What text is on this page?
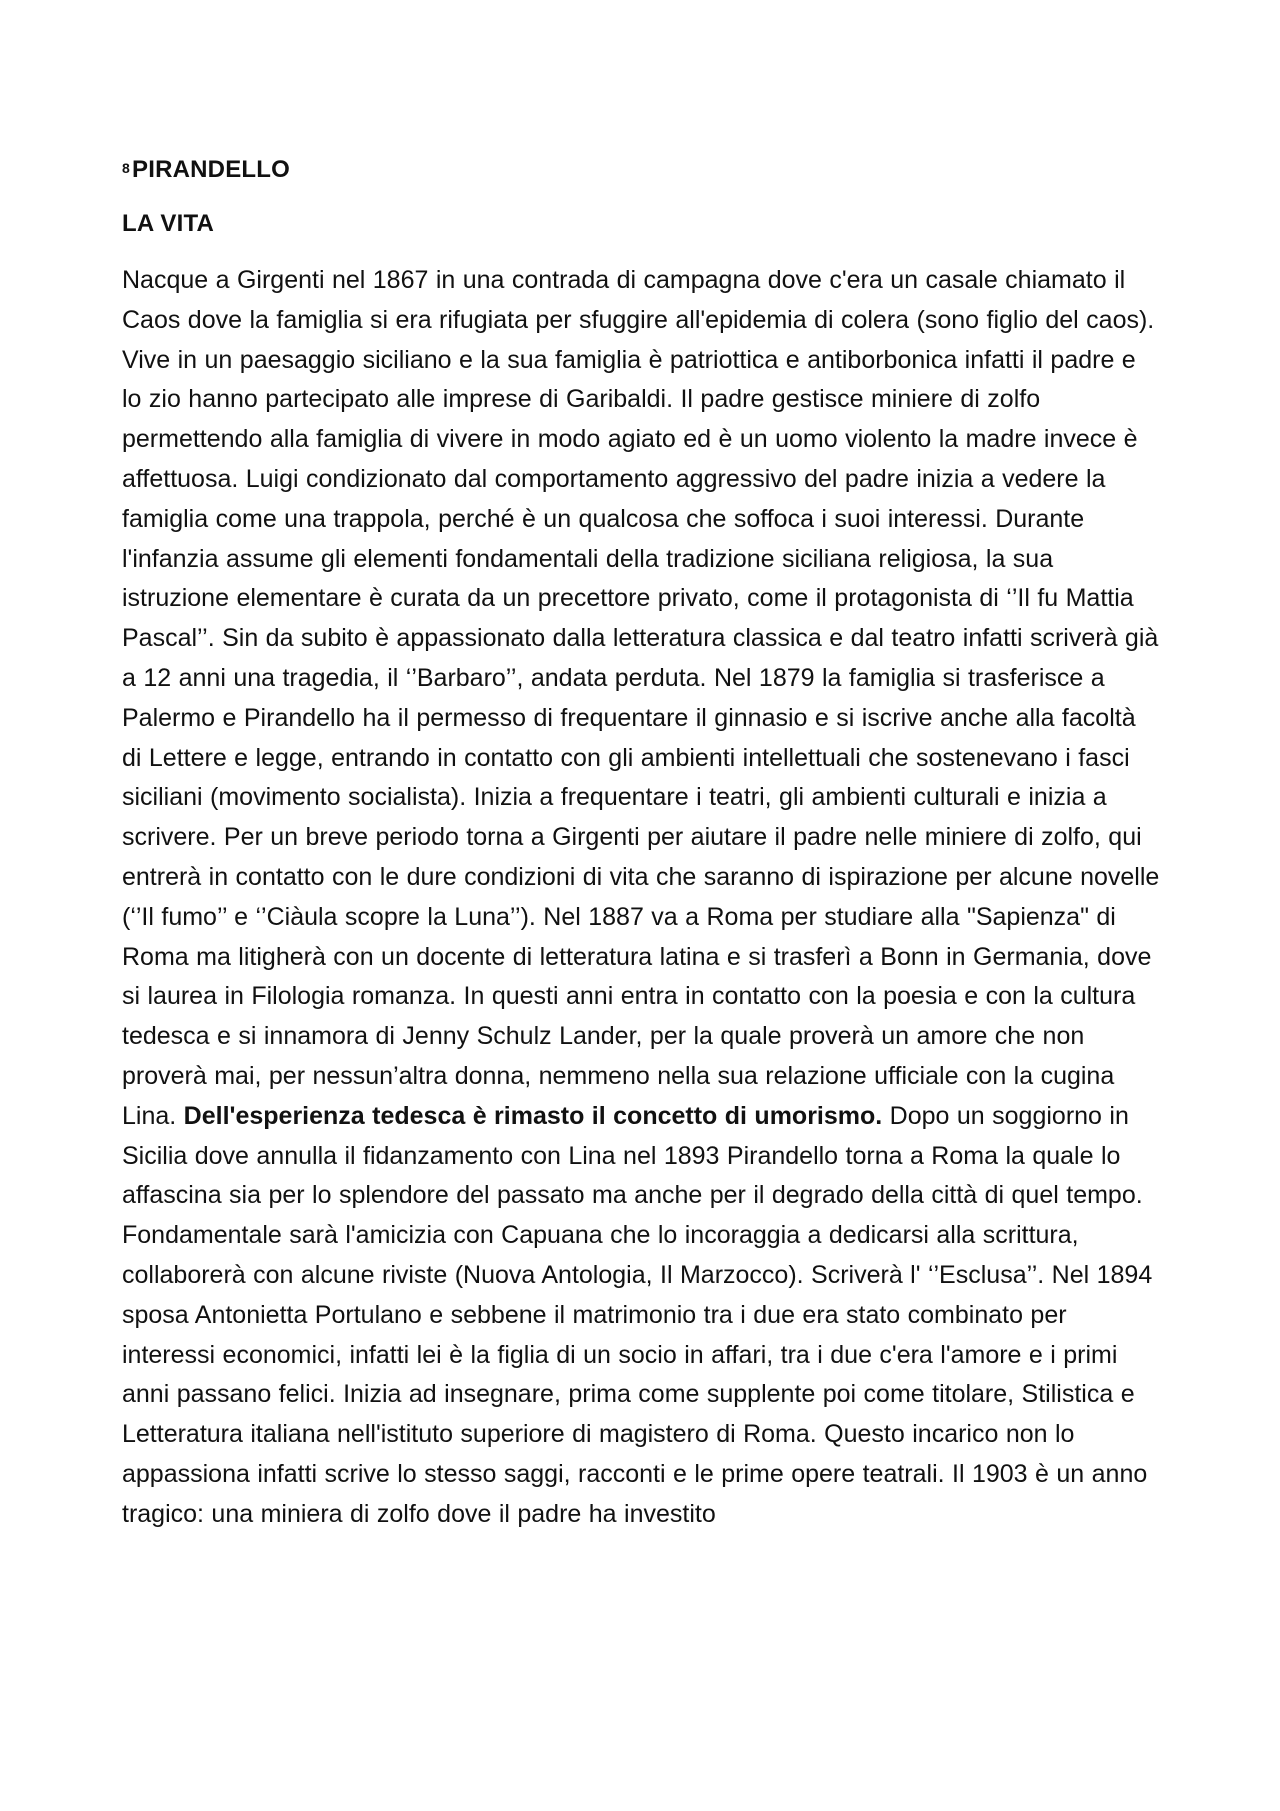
$^8$PIRANDELLO
LA VITA

Nacque a Girgenti nel 1867 in una contrada di campagna dove c'era un casale chiamato il Caos dove la famiglia si era rifugiata per sfuggire all'epidemia di colera (sono figlio del caos). Vive in un paesaggio siciliano e la sua famiglia è patriottica e antiborbonica infatti il padre e lo zio hanno partecipato alle imprese di Garibaldi. Il padre gestisce miniere di zolfo permettendo alla famiglia di vivere in modo agiato ed è un uomo violento la madre invece è affettuosa. Luigi condizionato dal comportamento aggressivo del padre inizia a vedere la famiglia come una trappola, perché è un qualcosa che soffoca i suoi interessi. Durante l'infanzia assume gli elementi fondamentali della tradizione siciliana religiosa, la sua istruzione elementare è curata da un precettore privato, come il protagonista di ‘’Il fu Mattia Pascal’’. Sin da subito è appassionato dalla letteratura classica e dal teatro infatti scriverà già a 12 anni una tragedia, il ‘’Barbaro’’, andata perduta. Nel 1879 la famiglia si trasferisce a Palermo e Pirandello ha il permesso di frequentare il ginnasio e si iscrive anche alla facoltà di Lettere e legge, entrando in contatto con gli ambienti intellettuali che sostenevano i fasci siciliani (movimento socialista). Inizia a frequentare i teatri, gli ambienti culturali e inizia a scrivere. Per un breve periodo torna a Girgenti per aiutare il padre nelle miniere di zolfo, qui entrerà in contatto con le dure condizioni di vita che saranno di ispirazione per alcune novelle (‘’Il fumo’’ e ‘’Ciàula scopre la Luna’’). Nel 1887 va a Roma per studiare alla "Sapienza" di Roma ma litigherà con un docente di letteratura latina e si trasferì a Bonn in Germania, dove si laurea in Filologia romanza. In questi anni entra in contatto con la poesia e con la cultura tedesca e si innamora di Jenny Schulz Lander, per la quale proverà un amore che non proverà mai, per nessun’altra donna, nemmeno nella sua relazione ufficiale con la cugina Lina. Dell'esperienza tedesca è rimasto il concetto di umorismo. Dopo un soggiorno in Sicilia dove annulla il fidanzamento con Lina nel 1893 Pirandello torna a Roma la quale lo affascina sia per lo splendore del passato ma anche per il degrado della città di quel tempo. Fondamentale sarà l'amicizia con Capuana che lo incoraggia a dedicarsi alla scrittura, collaborerà con alcune riviste (Nuova Antologia, Il Marzocco). Scriverà l' ‘’Esclusa’’. Nel 1894 sposa Antonietta Portulano e sebbene il matrimonio tra i due era stato combinato per interessi economici, infatti lei è la figlia di un socio in affari, tra i due c'era l'amore e i primi anni passano felici. Inizia ad insegnare, prima come supplente poi come titolare, Stilistica e Letteratura italiana nell'istituto superiore di magistero di Roma. Questo incarico non lo appassiona infatti scrive lo stesso saggi, racconti e le prime opere teatrali. Il 1903 è un anno tragico: una miniera di zolfo dove il padre ha investito
